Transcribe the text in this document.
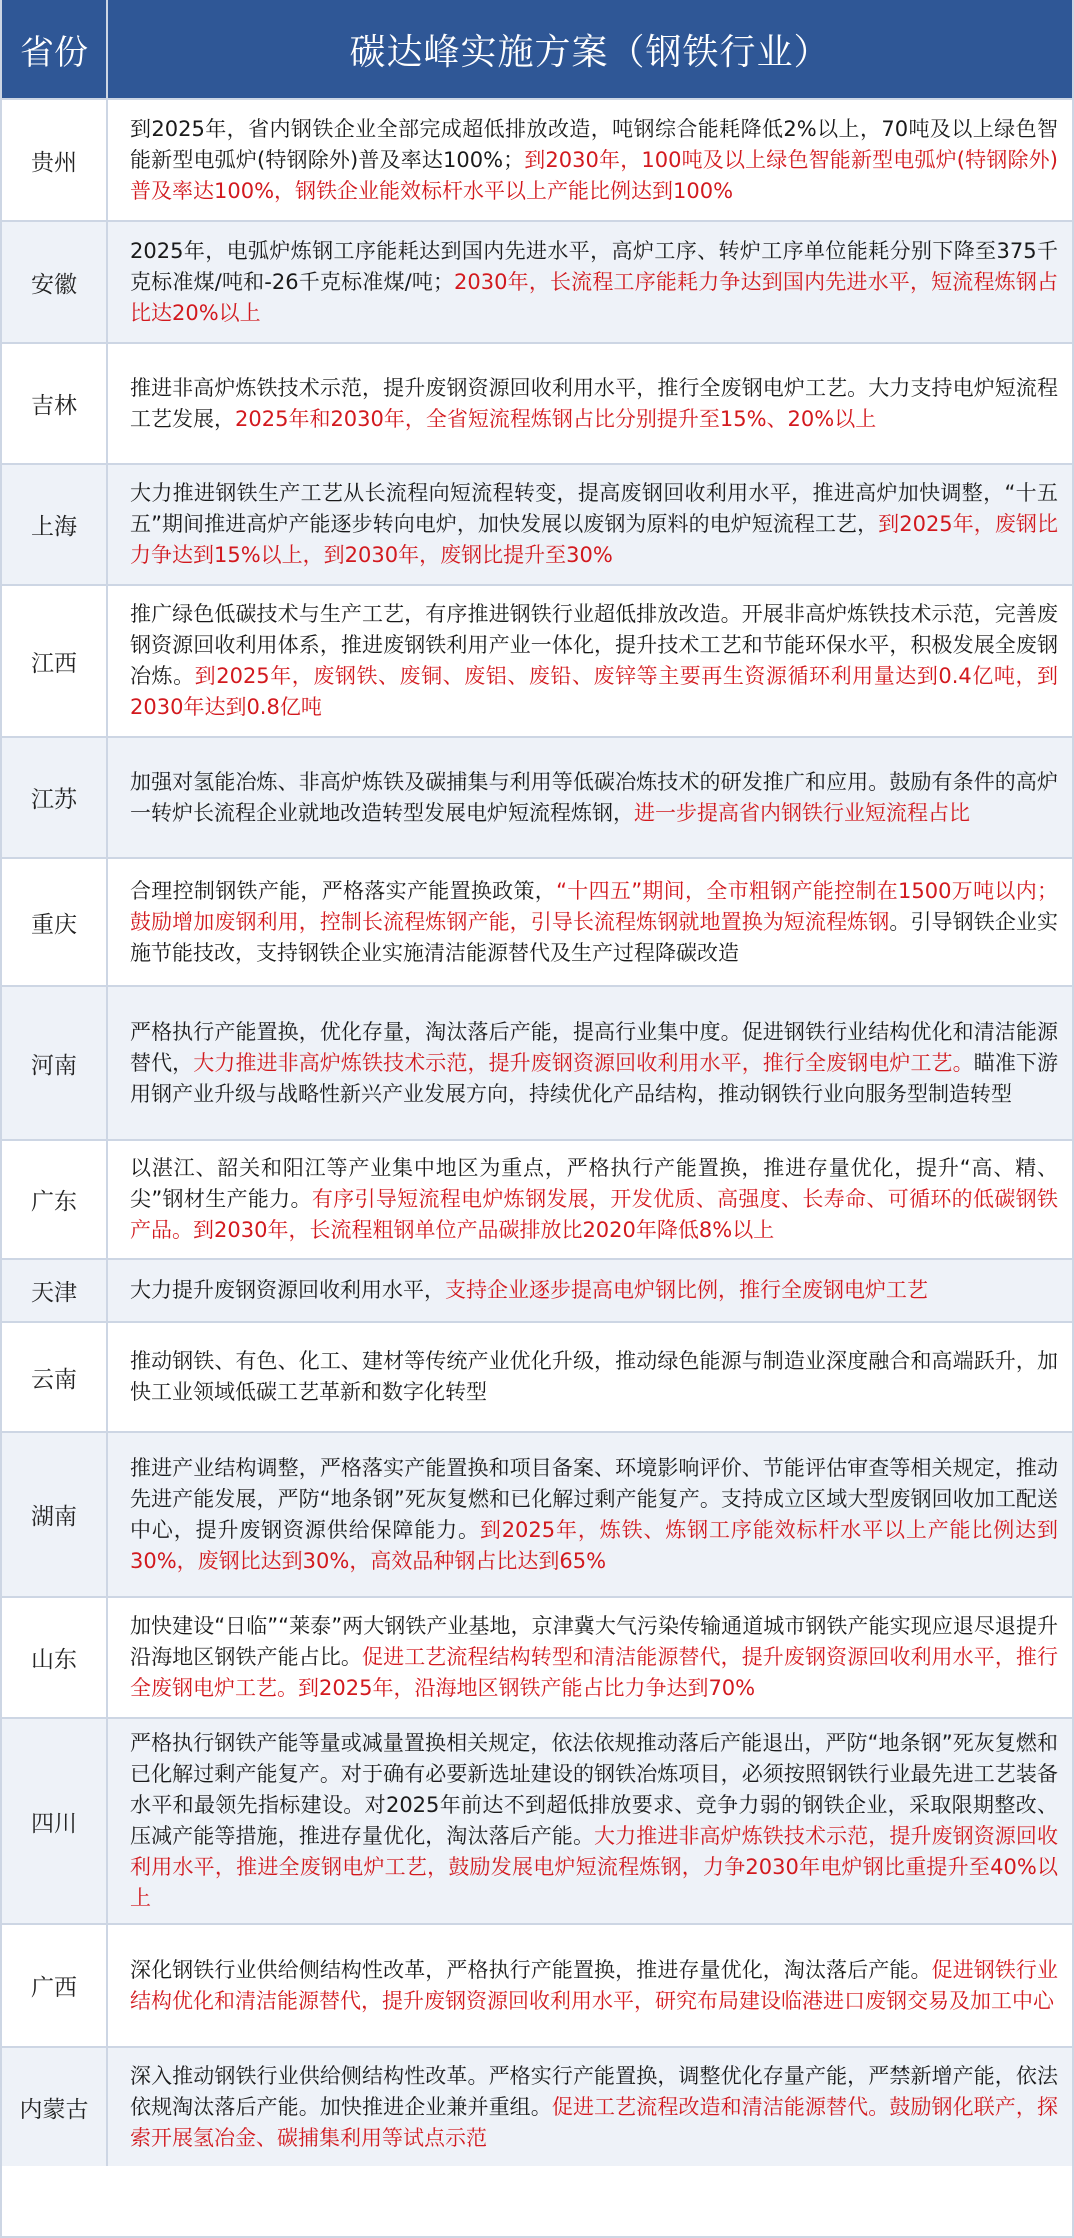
省份	碳达峰实施方案（钢铁行业）
贵州

到2025年，省内钢铁企业全部完成超低排放改造，吨钢综合能耗降低2%以上，70吨及以上绿色智能新型电弧炉(特钢除外)普及率达100%；到2030年，100吨及以上绿色智能新型电弧炉(特钢除外)普及率达100%，钢铁企业能效标杆水平以上产能比例达到100%

安徽

2025年，电弧炉炼钢工序能耗达到国内先进水平，高炉工序、转炉工序单位能耗分别下降至375千克标准煤/吨和-26千克标准煤/吨；2030年，长流程工序能耗力争达到国内先进水平，短流程炼钢占比达20%以上

吉林

推进非高炉炼铁技术示范，提升废钢资源回收利用水平，推行全废钢电炉工艺。大力支持电炉短流程工艺发展，2025年和2030年，全省短流程炼钢占比分别提升至15%、20%以上

上海

大力推进钢铁生产工艺从长流程向短流程转变，提高废钢回收利用水平，推进高炉加快调整，“十五五”期间推进高炉产能逐步转向电炉，加快发展以废钢为原料的电炉短流程工艺，到2025年，废钢比力争达到15%以上，到2030年，废钢比提升至30%

江西

推广绿色低碳技术与生产工艺，有序推进钢铁行业超低排放改造。开展非高炉炼铁技术示范，完善废钢资源回收利用体系，推进废钢铁利用产业一体化，提升技术工艺和节能环保水平，积极发展全废钢冶炼。到2025年，废钢铁、废铜、废铝、废铅、废锌等主要再生资源循环利用量达到0.4亿吨，到2030年达到0.8亿吨

江苏

加强对氢能冶炼、非高炉炼铁及碳捕集与利用等低碳冶炼技术的研发推广和应用。鼓励有条件的高炉一转炉长流程企业就地改造转型发展电炉短流程炼钢，进一步提高省内钢铁行业短流程占比

重庆

合理控制钢铁产能，严格落实产能置换政策，“十四五”期间，全市粗钢产能控制在1500万吨以内；鼓励增加废钢利用，控制长流程炼钢产能，引导长流程炼钢就地置换为短流程炼钢。引导钢铁企业实施节能技改，支持钢铁企业实施清洁能源替代及生产过程降碳改造

河南

严格执行产能置换，优化存量，淘汰落后产能，提高行业集中度。促进钢铁行业结构优化和清洁能源替代，大力推进非高炉炼铁技术示范，提升废钢资源回收利用水平，推行全废钢电炉工艺。瞄准下游用钢产业升级与战略性新兴产业发展方向，持续优化产品结构，推动钢铁行业向服务型制造转型

广东

以湛江、韶关和阳江等产业集中地区为重点，严格执行产能置换，推进存量优化，提升“高、精、尖”钢材生产能力。有序引导短流程电炉炼钢发展，开发优质、高强度、长寿命、可循环的低碳钢铁产品。到2030年，长流程粗钢单位产品碳排放比2020年降低8%以上

天津	大力提升废钢资源回收利用水平，支持企业逐步提高电炉钢比例，推行全废钢电炉工艺

云南

推动钢铁、有色、化工、建材等传统产业优化升级，推动绿色能源与制造业深度融合和高端跃升，加快工业领域低碳工艺革新和数字化转型

湖南

推进产业结构调整，严格落实产能置换和项目备案、环境影响评价、节能评估审查等相关规定，推动先进产能发展，严防“地条钢”死灰复燃和已化解过剩产能复产。支持成立区域大型废钢回收加工配送中心，提升废钢资源供给保障能力。到2025年，炼铁、炼钢工序能效标杆水平以上产能比例达到30%，废钢比达到30%，高效品种钢占比达到65%

山东

加快建设“日临”“莱泰”两大钢铁产业基地，京津冀大气污染传输通道城市钢铁产能实现应退尽退提升沿海地区钢铁产能占比。促进工艺流程结构转型和清洁能源替代，提升废钢资源回收利用水平，推行全废钢电炉工艺。到2025年，沿海地区钢铁产能占比力争达到70%

四川

严格执行钢铁产能等量或减量置换相关规定，依法依规推动落后产能退出，严防“地条钢”死灰复燃和已化解过剩产能复产。对于确有必要新选址建设的钢铁冶炼项目，必须按照钢铁行业最先进工艺装备水平和最领先指标建设。对2025年前达不到超低排放要求、竞争力弱的钢铁企业，采取限期整改、压减产能等措施，推进存量优化，淘汰落后产能。大力推进非高炉炼铁技术示范，提升废钢资源回收利用水平，推进全废钢电炉工艺，鼓励发展电炉短流程炼钢，力争2030年电炉钢比重提升至40%以上

广西

深化钢铁行业供给侧结构性改革，严格执行产能置换，推进存量优化，淘汰落后产能。促进钢铁行业结构优化和清洁能源替代，提升废钢资源回收利用水平，研究布局建设临港进口废钢交易及加工中心

内蒙古

深入推动钢铁行业供给侧结构性改革。严格实行产能置换，调整优化存量产能，严禁新增产能，依法依规淘汰落后产能。加快推进企业兼并重组。促进工艺流程改造和清洁能源替代。鼓励钢化联产，探索开展氢冶金、碳捕集利用等试点示范
